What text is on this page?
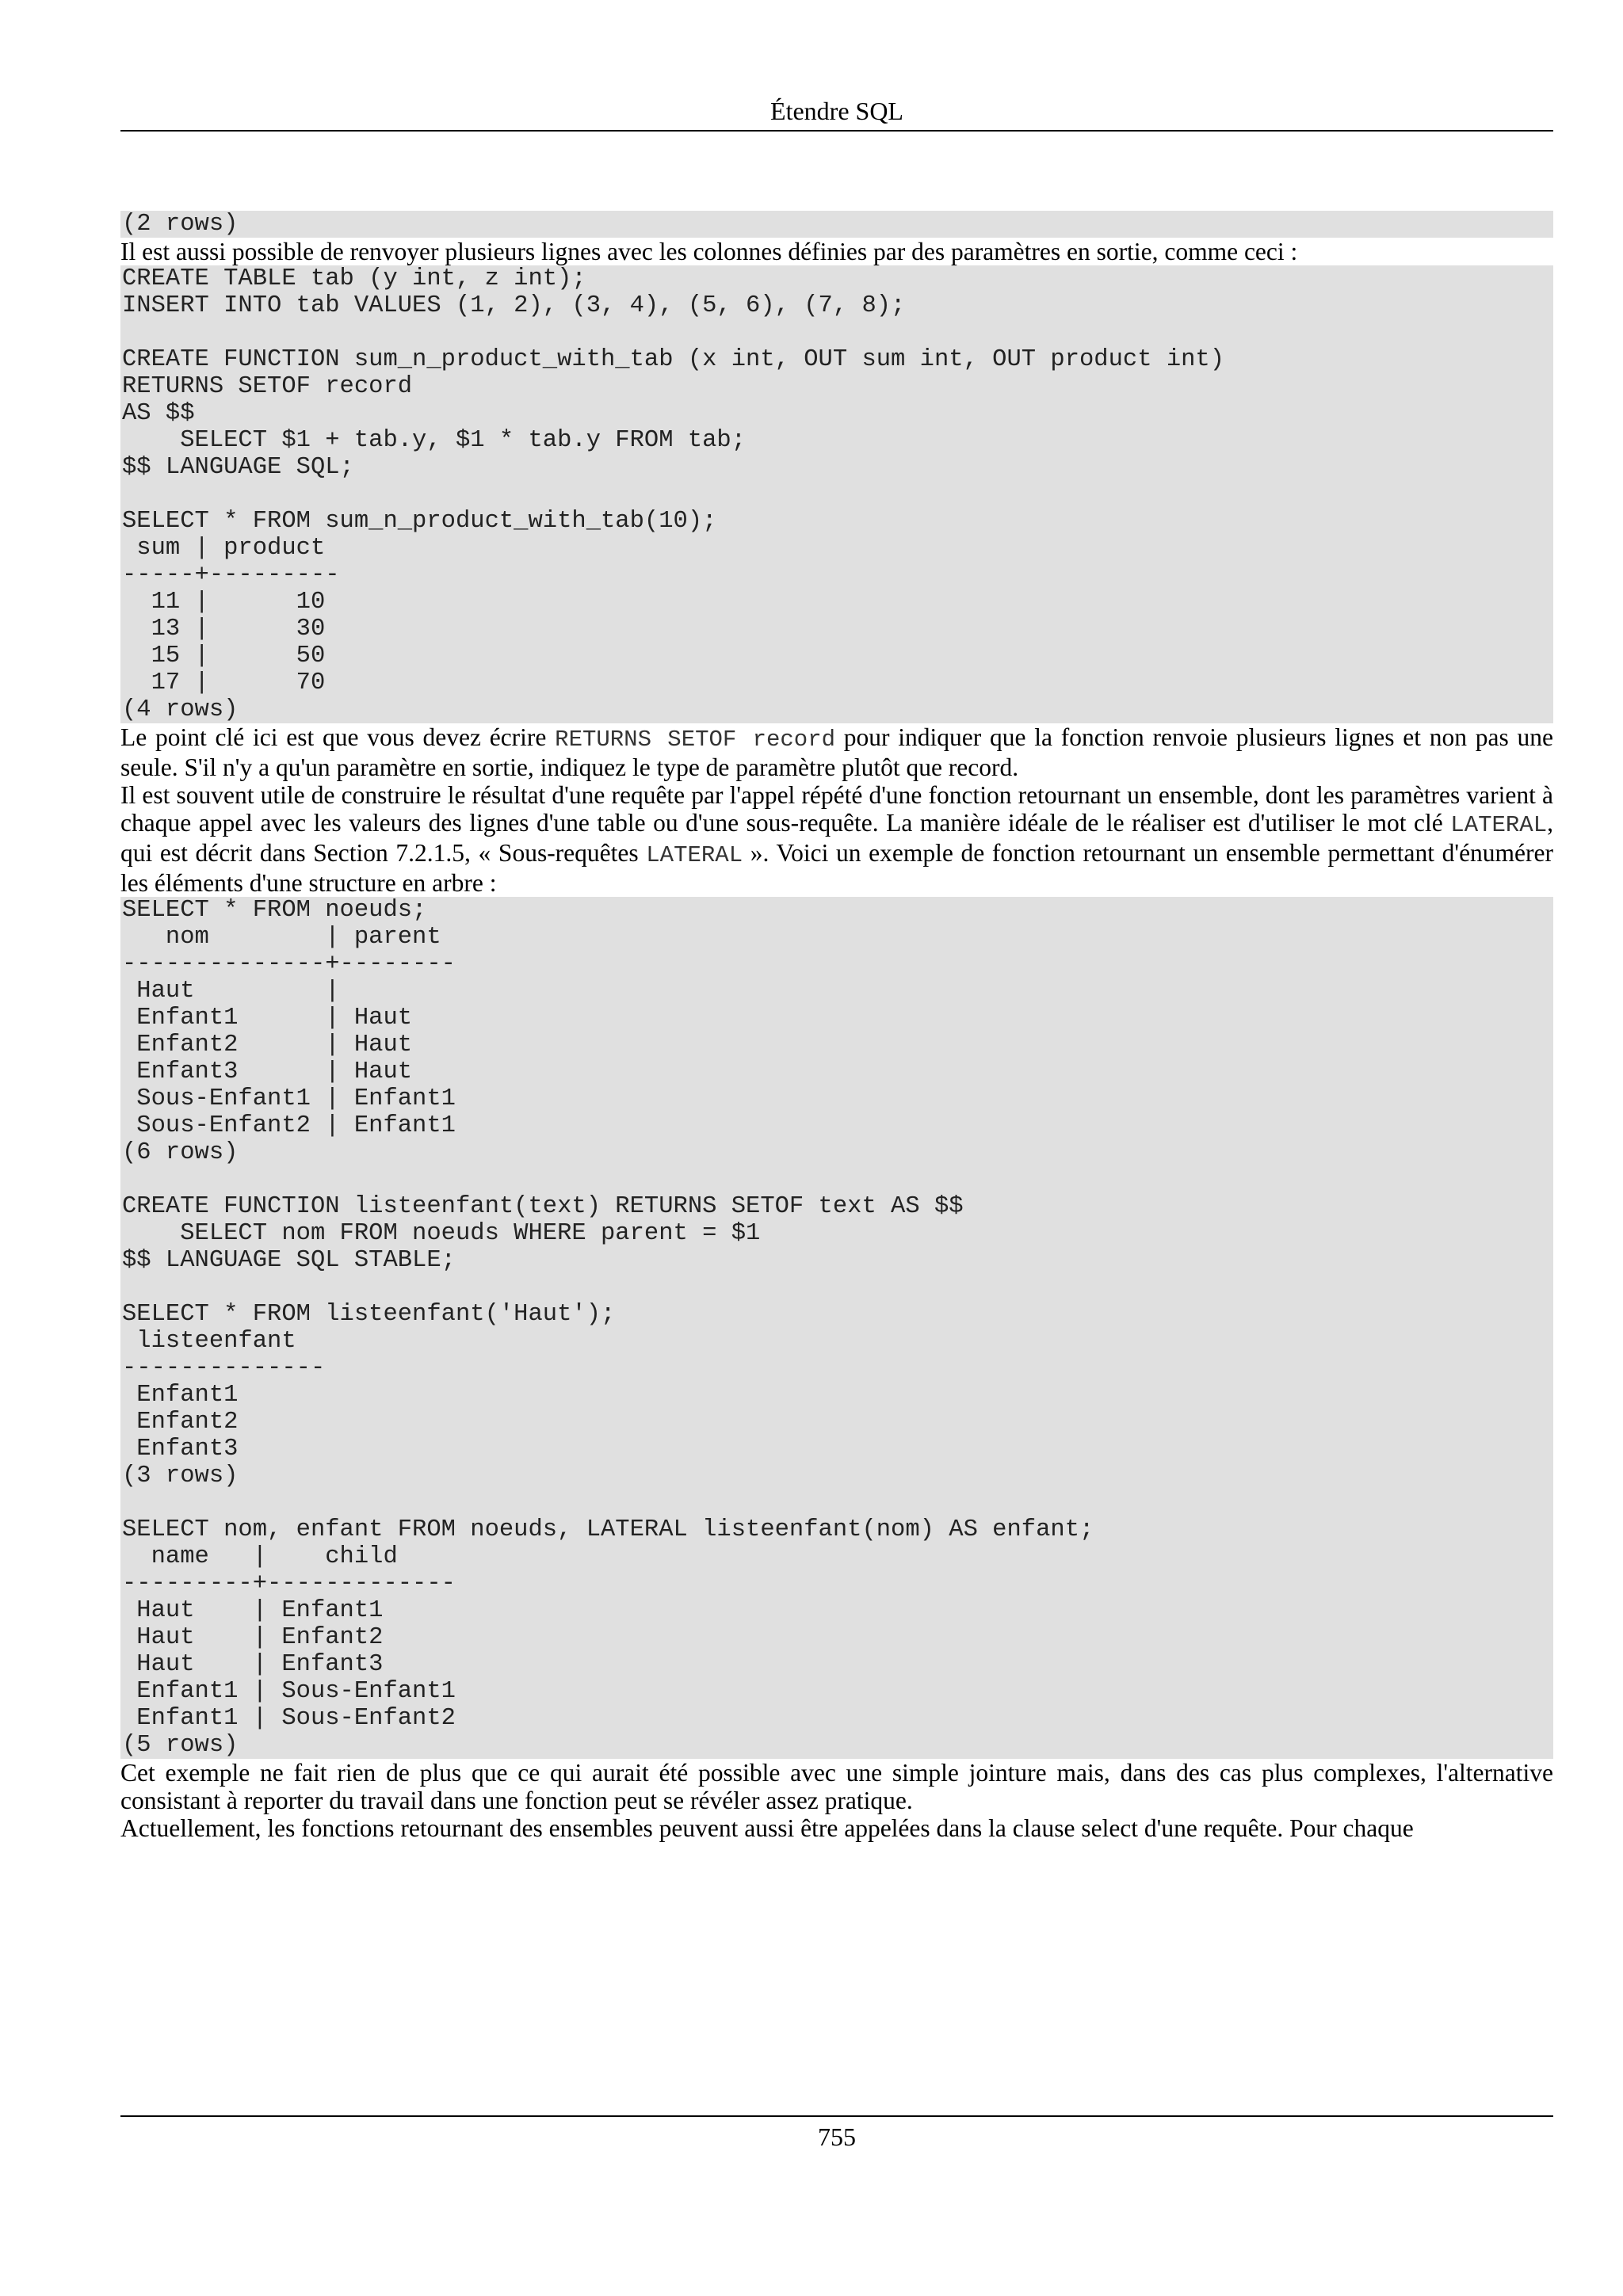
Étendre SQL
(2 rows)

Il est aussi possible de renvoyer plusieurs lignes avec les colonnes définies par des paramètres en sortie, comme ceci :

CREATE TABLE tab (y int, z int);
INSERT INTO tab VALUES (1, 2), (3, 4), (5, 6), (7, 8);

CREATE FUNCTION sum_n_product_with_tab (x int, OUT sum int, OUT product int)
RETURNS SETOF record
AS $$
SELECT $1 + tab.y, $1 * tab.y FROM tab;
$$ LANGUAGE SQL;

SELECT * FROM sum_n_product_with_tab(10);
sum | product
-----+---------
11 |      10
13 |      30
15 |      50
17 |      70
(4 rows)

Le point clé ici est que vous devez écrire RETURNS SETOF record pour indiquer que la fonction renvoie plusieurs lignes et non pas une seule. S'il n'y a qu'un paramètre en sortie, indiquez le type de paramètre plutôt que record.

Il est souvent utile de construire le résultat d'une requête par l'appel répété d'une fonction retournant un ensemble, dont les paramètres varient à chaque appel avec les valeurs des lignes d'une table ou d'une sous-requête. La manière idéale de le réaliser est d'utiliser le mot clé LATERAL, qui est décrit dans Section 7.2.1.5, « Sous-requêtes LATERAL ». Voici un exemple de fonction retournant un ensemble permettant d'énumérer les éléments d'une structure en arbre :

SELECT * FROM noeuds;
nom        | parent
--------------+--------
Haut         |
Enfant1      | Haut
Enfant2      | Haut
Enfant3      | Haut
Sous-Enfant1 | Enfant1
Sous-Enfant2 | Enfant1
(6 rows)

CREATE FUNCTION listeenfant(text) RETURNS SETOF text AS $$
SELECT nom FROM noeuds WHERE parent = $1
$$ LANGUAGE SQL STABLE;

SELECT * FROM listeenfant('Haut');
listeenfant
--------------
Enfant1
Enfant2
Enfant3
(3 rows)

SELECT nom, enfant FROM noeuds, LATERAL listeenfant(nom) AS enfant;
name   |    child
---------+-------------
Haut    | Enfant1
Haut    | Enfant2
Haut    | Enfant3
Enfant1 | Sous-Enfant1
Enfant1 | Sous-Enfant2
(5 rows)

Cet exemple ne fait rien de plus que ce qui aurait été possible avec une simple jointure mais, dans des cas plus complexes, l'alternative consistant à reporter du travail dans une fonction peut se révéler assez pratique.

Actuellement, les fonctions retournant des ensembles peuvent aussi être appelées dans la clause select d'une requête. Pour chaque

755
